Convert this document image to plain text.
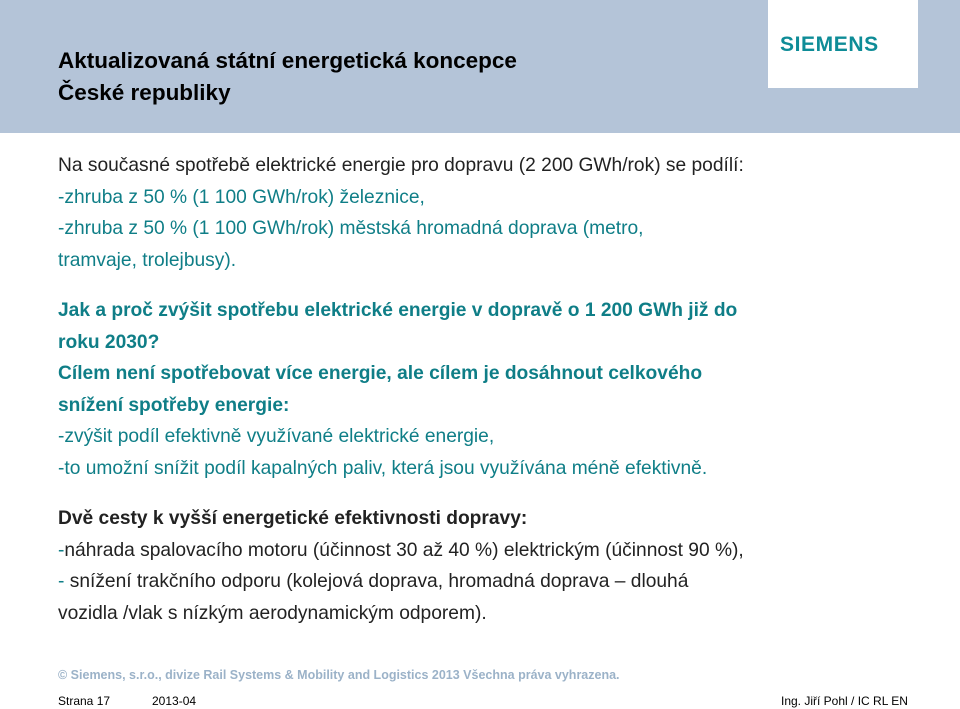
SIEMENS
Aktualizovaná státní energetická koncepce
České republiky
Na současné spotřebě elektrické energie pro dopravu (2 200 GWh/rok) se podílí:
-zhruba z 50 % (1 100 GWh/rok) železnice,
-zhruba z 50 % (1 100 GWh/rok) městská hromadná doprava (metro,
tramvaje, trolejbusy).
Jak a proč zvýšit spotřebu elektrické energie v dopravě o 1 200 GWh již do
roku 2030?
Cílem není spotřebovat více energie, ale cílem je dosáhnout celkového
snížení spotřeby energie:
-zvýšit podíl efektivně využívané elektrické energie,
-to umožní snížit podíl kapalných paliv, která jsou využívána méně efektivně.
Dvě cesty k vyšší energetické efektivnosti dopravy:
-náhrada spalovacího motoru (účinnost 30 až 40 %) elektrickým (účinnost 90 %),
- snížení trakčního odporu (kolejová doprava, hromadná doprava – dlouhá
vozidla /vlak s nízkým aerodynamickým odporem).
© Siemens, s.r.o., divize Rail Systems & Mobility and Logistics 2013 Všechna práva vyhrazena.
Strana 17	2013-04	Ing. Jiří Pohl / IC RL EN
